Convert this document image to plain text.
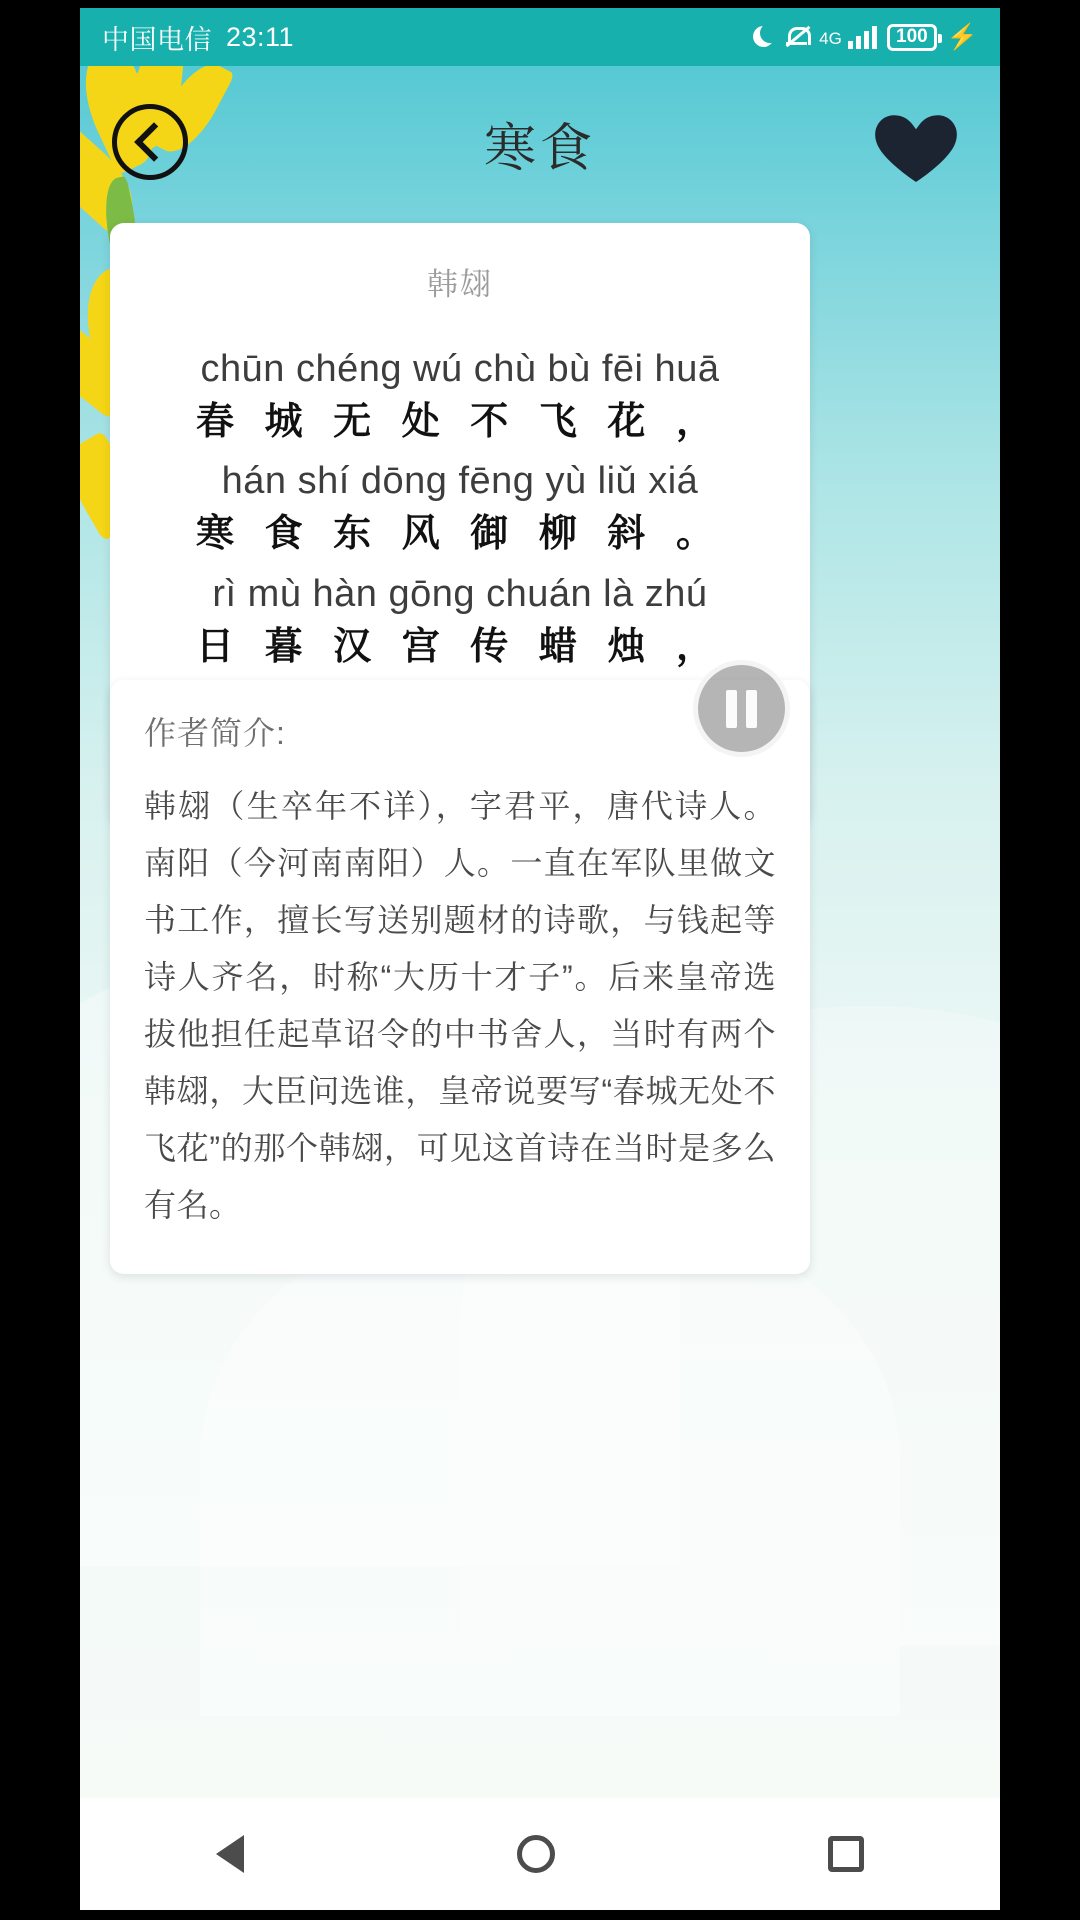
中国电信 23:11	4G	100 ⚡
寒食
韩翃
chūn chéng wú chù bù fēi huā
春 城 无 处 不 飞 花 ，
hán shí dōng fēng yù liǔ xiá
寒 食 东 风 御 柳 斜 。
rì mù hàn gōng chuán là zhú
日 暮 汉 宫 传 蜡 烛 ，
作者简介:
韩翃（生卒年不详），字君平，唐代诗人。南阳（今河南南阳）人。一直在军队里做文书工作，擅长写送别题材的诗歌，与钱起等诗人齐名，时称“大历十才子”。后来皇帝选拔他担任起草诏令的中书舍人，当时有两个韩翃，大臣问选谁，皇帝说要写“春城无处不飞花”的那个韩翃，可见这首诗在当时是多么有名。
